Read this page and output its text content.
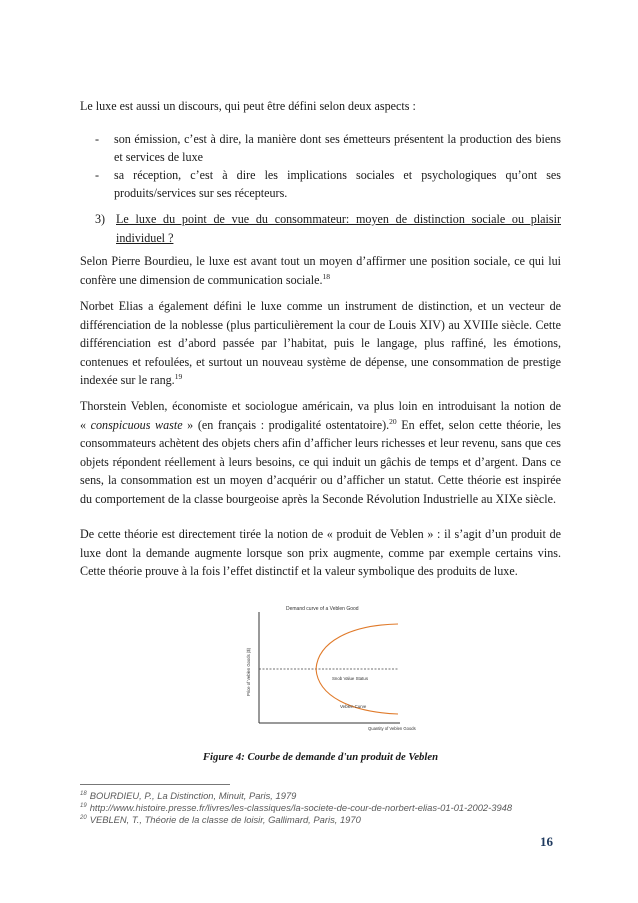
Le luxe est aussi un discours, qui peut être défini selon deux aspects :

- son émission, c’est à dire, la manière dont ses émetteurs présentent la production des biens et services de luxe
- sa réception, c’est à dire les implications sociales et psychologiques qu’ont ses produits/services sur ses récepteurs.
3) Le luxe du point de vue du consommateur: moyen de distinction sociale ou plaisir individuel ?

Selon Pierre Bourdieu, le luxe est avant tout un moyen d’affirmer une position sociale, ce qui lui confère une dimension de communication sociale.$^{18}$

Norbet Elias a également défini le luxe comme un instrument de distinction, et un vecteur de différenciation de la noblesse (plus particulièrement la cour de Louis XIV) au XVIIIe siècle. Cette différenciation est d’abord passée par l’habitat, puis le langage, plus raffiné, les émotions, contenues et refoulées, et surtout un nouveau système de dépense, une consommation de prestige indexée sur le rang.$^{19}$

Thorstein Veblen, économiste et sociologue américain, va plus loin en introduisant la notion de « conspicuous waste » (en français : prodigalité ostentatoire).$^{20}$ En effet, selon cette théorie, les consommateurs achètent des objets chers afin d’afficher leurs richesses et leur revenu, sans que ces objets répondent réellement à leurs besoins, ce qui induit un gâchis de temps et d’argent. Dans ce sens, la consommation est un moyen d’acquérir ou d’afficher un statut. Cette théorie est inspirée du comportement de la classe bourgeoise après la Seconde Révolution Industrielle au XIXe siècle.

De cette théorie est directement tirée la notion de « produit de Veblen » : il s’agit d’un produit de luxe dont la demande augmente lorsque son prix augmente, comme par exemple certains vins. Cette théorie prouve à la fois l’effet distinctif et la valeur symbolique des produits de luxe.

Demand curve of a Veblen Good
Price of Veblen Goods ($)	Snob Value Status
Veblen Curve
Quantity of Veblen Goods
Figure 4: Courbe de demande d'un produit de Veblen
$^{18}$ BOURDIEU, P., La Distinction, Minuit, Paris, 1979
$^{19}$ http://www.histoire.presse.fr/livres/les-classiques/la-societe-de-cour-de-norbert-elias-01-01-2002-3948
$^{20}$ VEBLEN, T., Théorie de la classe de loisir, Gallimard, Paris, 1970
16
